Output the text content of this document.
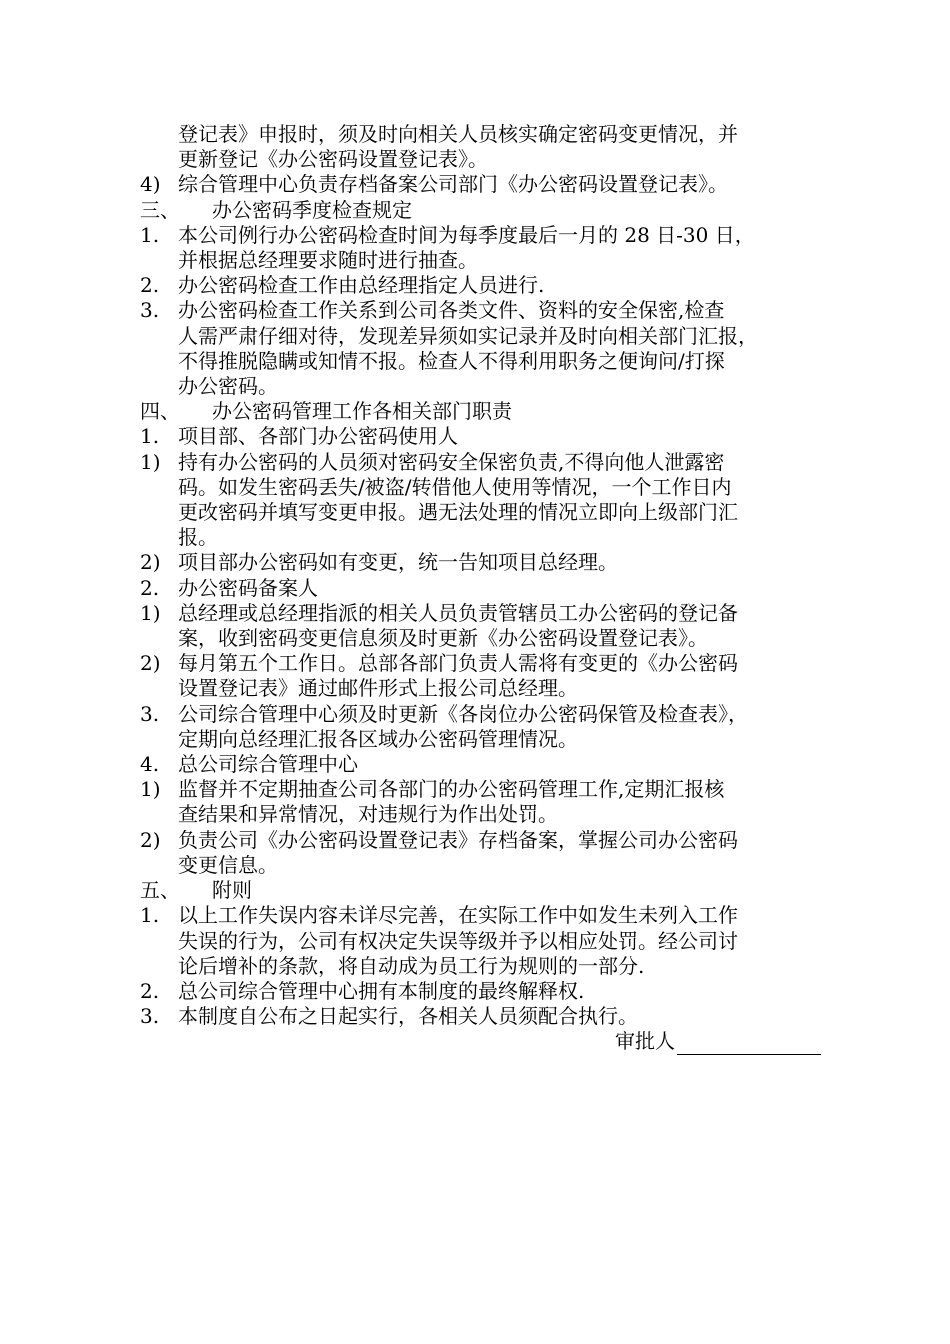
登记表》申报时，须及时向相关人员核实确定密码变更情况，并
更新登记《办公密码设置登记表》。
4) 综合管理中心负责存档备案公司部门《办公密码设置登记表》。
三、	办公密码季度检查规定
1. 本公司例行办公密码检查时间为每季度最后一月的 28 日-30 日，
并根据总经理要求随时进行抽查。
2. 办公密码检查工作由总经理指定人员进行.
3. 办公密码检查工作关系到公司各类文件、资料的安全保密,检查
人需严肃仔细对待，发现差异须如实记录并及时向相关部门汇报，
不得推脱隐瞒或知情不报。检查人不得利用职务之便询问/打探
办公密码。
四、	办公密码管理工作各相关部门职责
1. 项目部、各部门办公密码使用人
1) 持有办公密码的人员须对密码安全保密负责,不得向他人泄露密
码。如发生密码丢失/被盗/转借他人使用等情况，一个工作日内
更改密码并填写变更申报。遇无法处理的情况立即向上级部门汇
报。
2) 项目部办公密码如有变更，统一告知项目总经理。
2. 办公密码备案人
1) 总经理或总经理指派的相关人员负责管辖员工办公密码的登记备
案，收到密码变更信息须及时更新《办公密码设置登记表》。
2) 每月第五个工作日。总部各部门负责人需将有变更的《办公密码
设置登记表》通过邮件形式上报公司总经理。
3. 公司综合管理中心须及时更新《各岗位办公密码保管及检查表》，
定期向总经理汇报各区域办公密码管理情况。
4. 总公司综合管理中心
1) 监督并不定期抽查公司各部门的办公密码管理工作,定期汇报核
查结果和异常情况，对违规行为作出处罚。
2) 负责公司《办公密码设置登记表》存档备案，掌握公司办公密码
变更信息。
五、	附则
1. 以上工作失误内容未详尽完善，在实际工作中如发生未列入工作
失误的行为，公司有权决定失误等级并予以相应处罚。经公司讨
论后增补的条款，将自动成为员工行为规则的一部分.
2. 总公司综合管理中心拥有本制度的最终解释权.
3. 本制度自公布之日起实行，各相关人员须配合执行。
审批人
